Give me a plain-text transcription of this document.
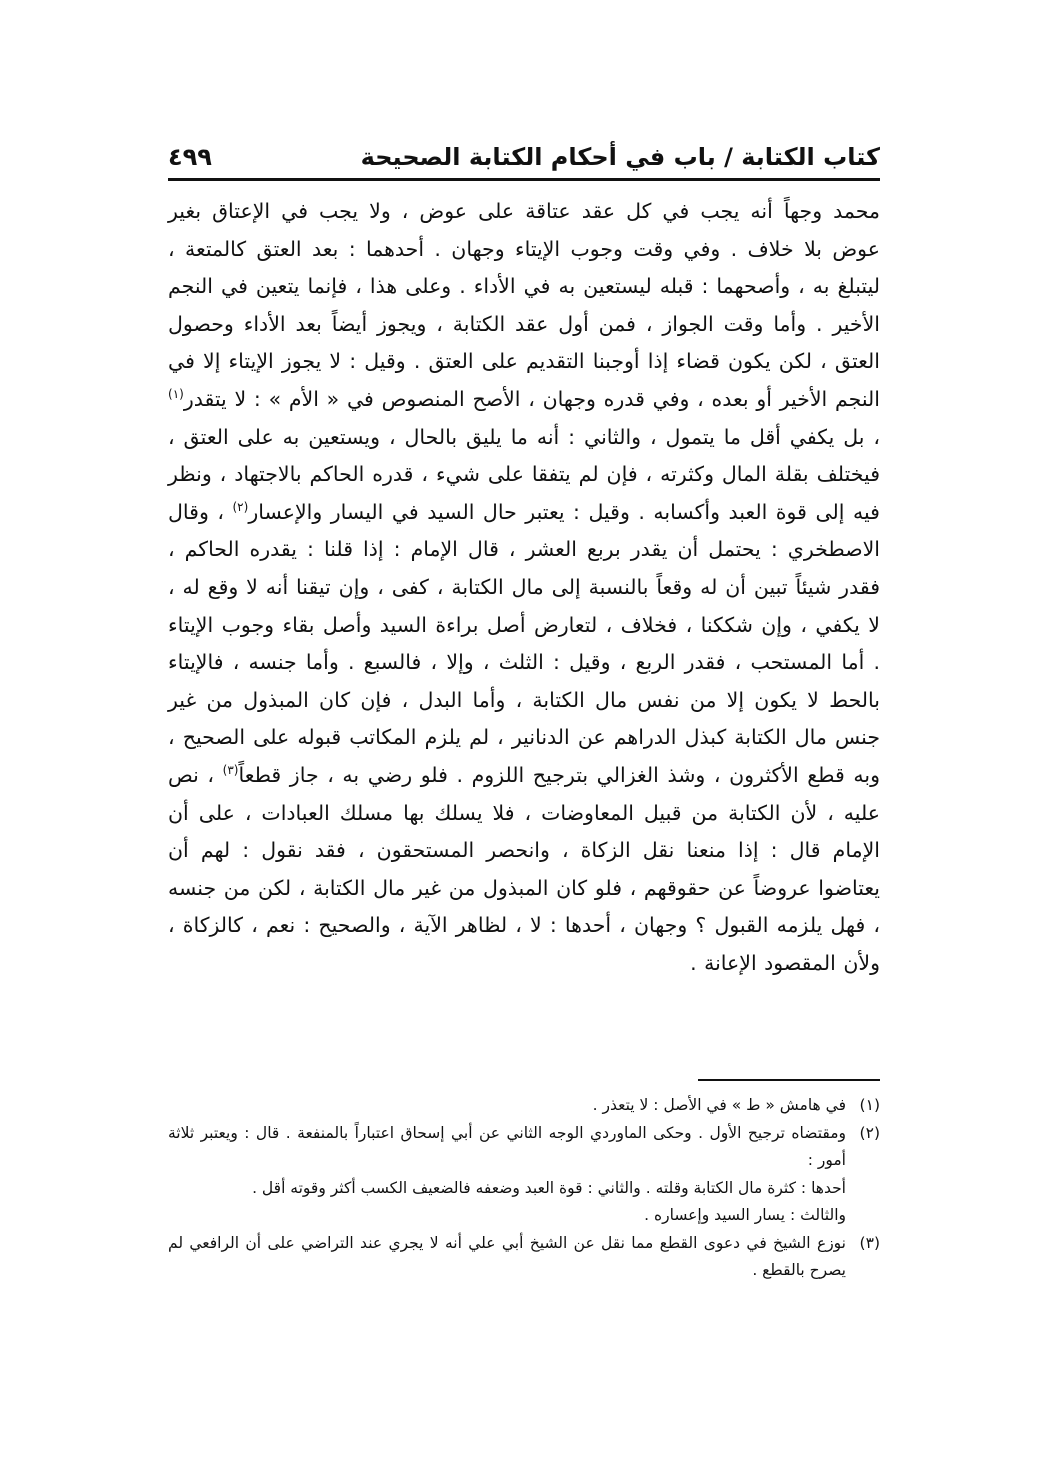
كتاب الكتابة / باب في أحكام الكتابة الصحيحة
٤٩٩
محمد وجهاً أنه يجب في كل عقد عتاقة على عوض ، ولا يجب في الإعتاق بغير عوض بلا خلاف . وفي وقت وجوب الإيتاء وجهان . أحدهما : بعد العتق كالمتعة ، ليتبلغ به ، وأصحهما : قبله ليستعين به في الأداء . وعلى هذا ، فإنما يتعين في النجم الأخير . وأما وقت الجواز ، فمن أول عقد الكتابة ، ويجوز أيضاً بعد الأداء وحصول العتق ، لكن يكون قضاء إذا أوجبنا التقديم على العتق . وقيل : لا يجوز الإيتاء إلا في النجم الأخير أو بعده ، وفي قدره وجهان ، الأصح المنصوص في « الأم » : لا يتقدر$^{(١)}$ ، بل يكفي أقل ما يتمول ، والثاني : أنه ما يليق بالحال ، ويستعين به على العتق ، فيختلف بقلة المال وكثرته ، فإن لم يتفقا على شيء ، قدره الحاكم بالاجتهاد ، ونظر فيه إلى قوة العبد وأكسابه . وقيل : يعتبر حال السيد في اليسار والإعسار$^{(٢)}$ ، وقال الاصطخري : يحتمل أن يقدر بربع العشر ، قال الإمام : إذا قلنا : يقدره الحاكم ، فقدر شيئاً تبين أن له وقعاً بالنسبة إلى مال الكتابة ، كفى ، وإن تيقنا أنه لا وقع له ، لا يكفي ، وإن شككنا ، فخلاف ، لتعارض أصل براءة السيد وأصل بقاء وجوب الإيتاء . أما المستحب ، فقدر الربع ، وقيل : الثلث ، وإلا ، فالسبع . وأما جنسه ، فالإيتاء بالحط لا يكون إلا من نفس مال الكتابة ، وأما البدل ، فإن كان المبذول من غير جنس مال الكتابة كبذل الدراهم عن الدنانير ، لم يلزم المكاتب قبوله على الصحيح ، وبه قطع الأكثرون ، وشذ الغزالي بترجيح اللزوم . فلو رضي به ، جاز قطعاً$^{(٣)}$ ، نص عليه ، لأن الكتابة من قبيل المعاوضات ، فلا يسلك بها مسلك العبادات ، على أن الإمام قال : إذا منعنا نقل الزكاة ، وانحصر المستحقون ، فقد نقول : لهم أن يعتاضوا عروضاً عن حقوقهم ، فلو كان المبذول من غير مال الكتابة ، لكن من جنسه ، فهل يلزمه القبول ؟ وجهان ، أحدها : لا ، لظاهر الآية ، والصحيح : نعم ، كالزكاة ، ولأن المقصود الإعانة .
(١)
في هامش « ط » في الأصل : لا يتعذر .
(٢)
ومقتضاه ترجيح الأول . وحكى الماوردي الوجه الثاني عن أبي إسحاق اعتباراً بالمنفعة . قال : ويعتبر ثلاثة أمور :
أحدها : كثرة مال الكتابة وقلته . والثاني : قوة العبد وضعفه فالضعيف الكسب أكثر وقوته أقل .
والثالث : يسار السيد وإعساره .
(٣)
نوزع الشيخ في دعوى القطع مما نقل عن الشيخ أبي علي أنه لا يجري عند التراضي على أن الرافعي لم يصرح بالقطع .
